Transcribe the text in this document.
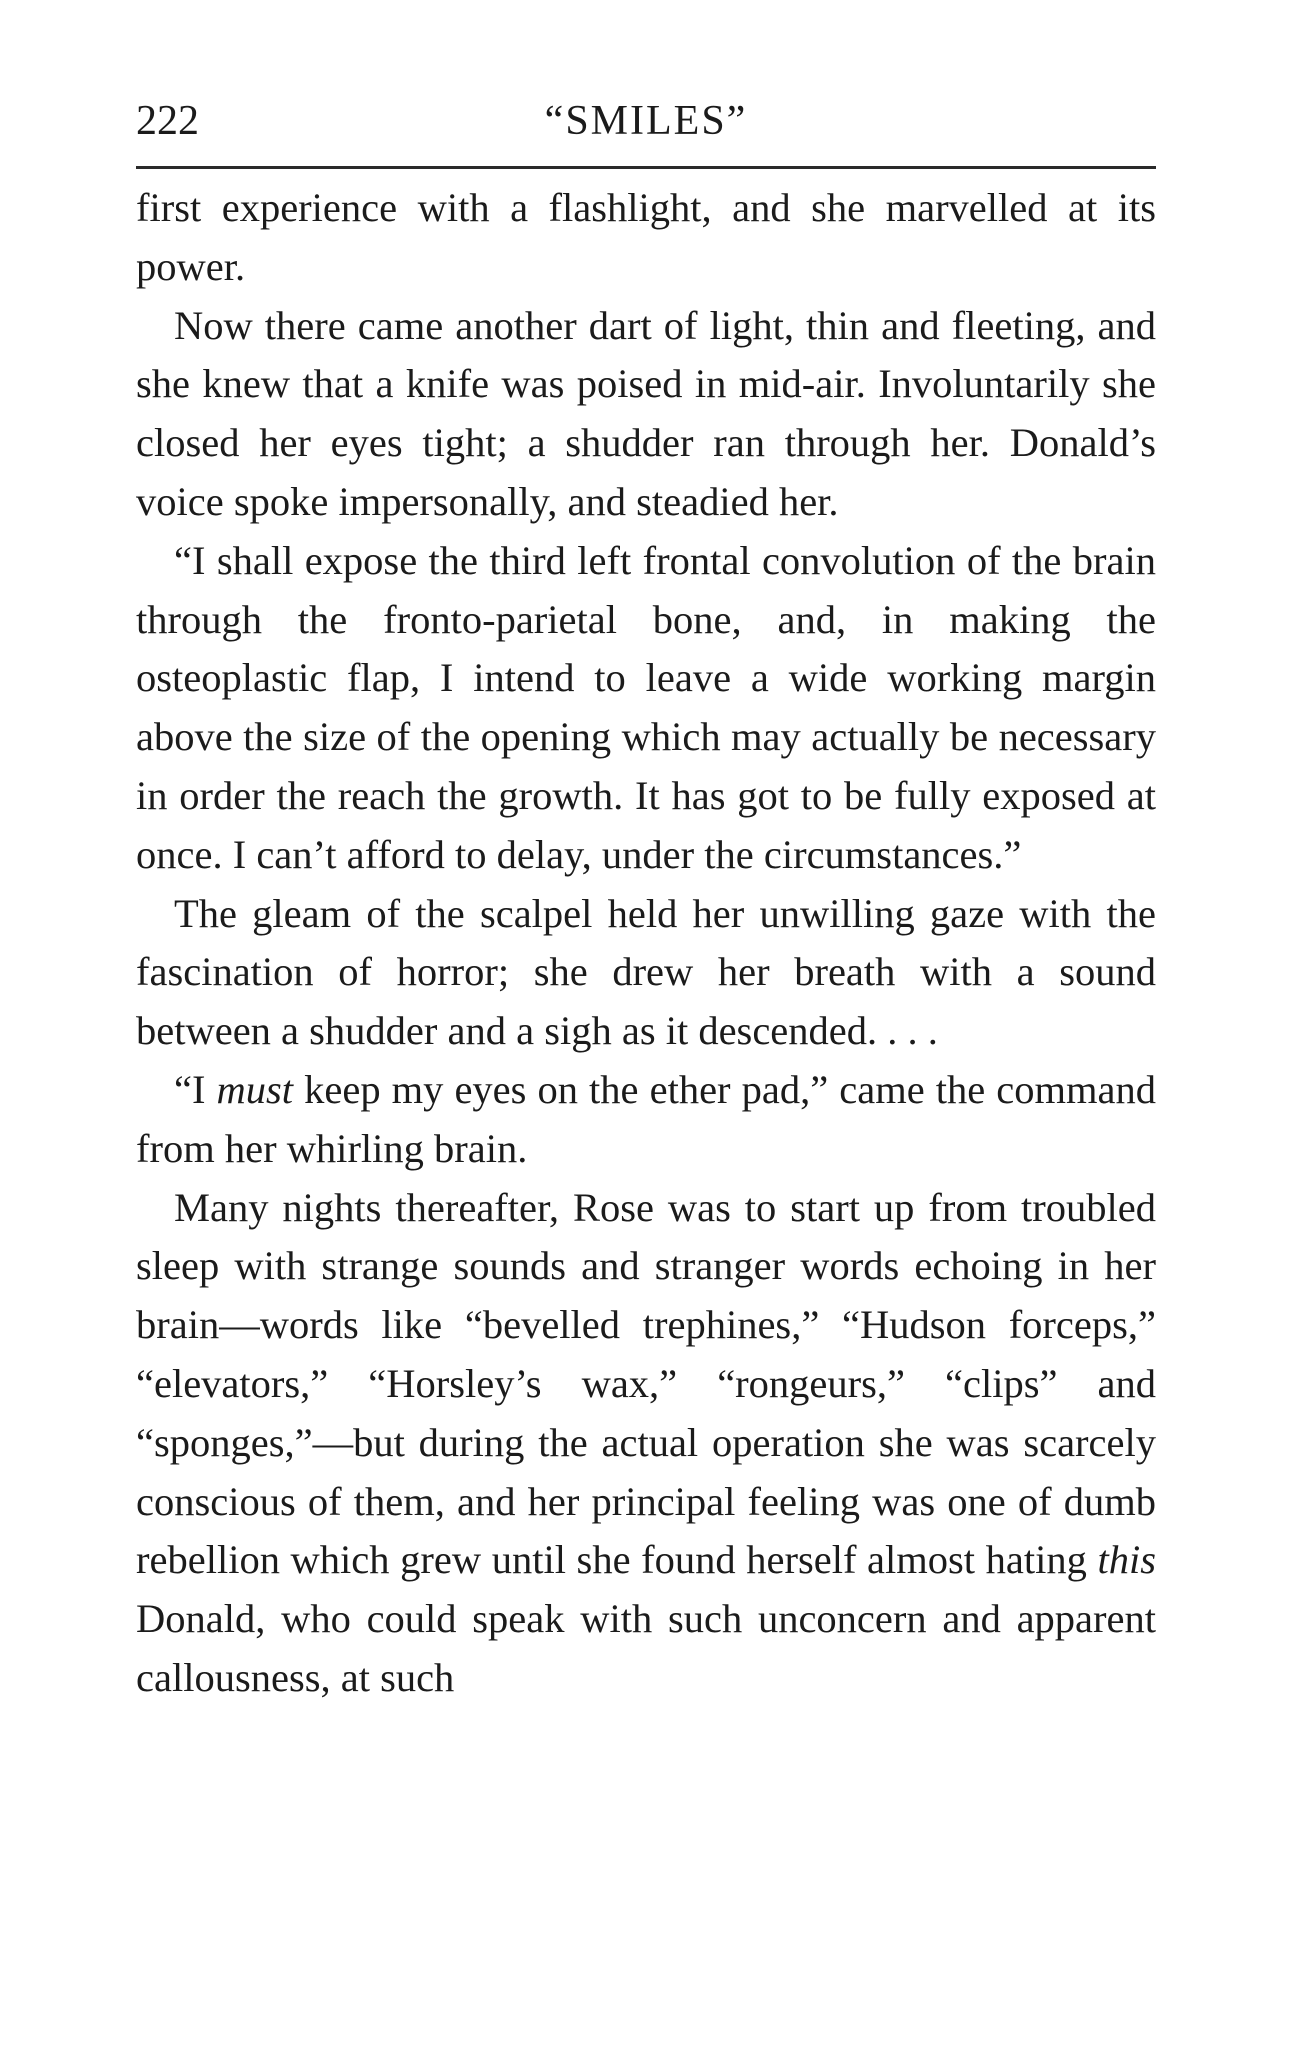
222	“SMILES”

first experience with a flashlight, and she marvelled at its power.

Now there came another dart of light, thin and fleeting, and she knew that a knife was poised in mid-air. Involuntarily she closed her eyes tight; a shudder ran through her. Donald’s voice spoke impersonally, and steadied her.

“I shall expose the third left frontal convolution of the brain through the fronto-parietal bone, and, in making the osteoplastic flap, I intend to leave a wide working margin above the size of the opening which may actually be necessary in order the reach the growth. It has got to be fully exposed at once. I can’t afford to delay, under the circumstances.”

The gleam of the scalpel held her unwilling gaze with the fascination of horror; she drew her breath with a sound between a shudder and a sigh as it descended. . . .

“I must keep my eyes on the ether pad,” came the command from her whirling brain.

Many nights thereafter, Rose was to start up from troubled sleep with strange sounds and stranger words echoing in her brain—words like “bevelled trephines,” “Hudson forceps,” “elevators,” “Horsley’s wax,” “rongeurs,” “clips” and “sponges,”—but during the actual operation she was scarcely conscious of them, and her principal feeling was one of dumb rebellion which grew until she found herself almost hating this Donald, who could speak with such unconcern and apparent callousness, at such
